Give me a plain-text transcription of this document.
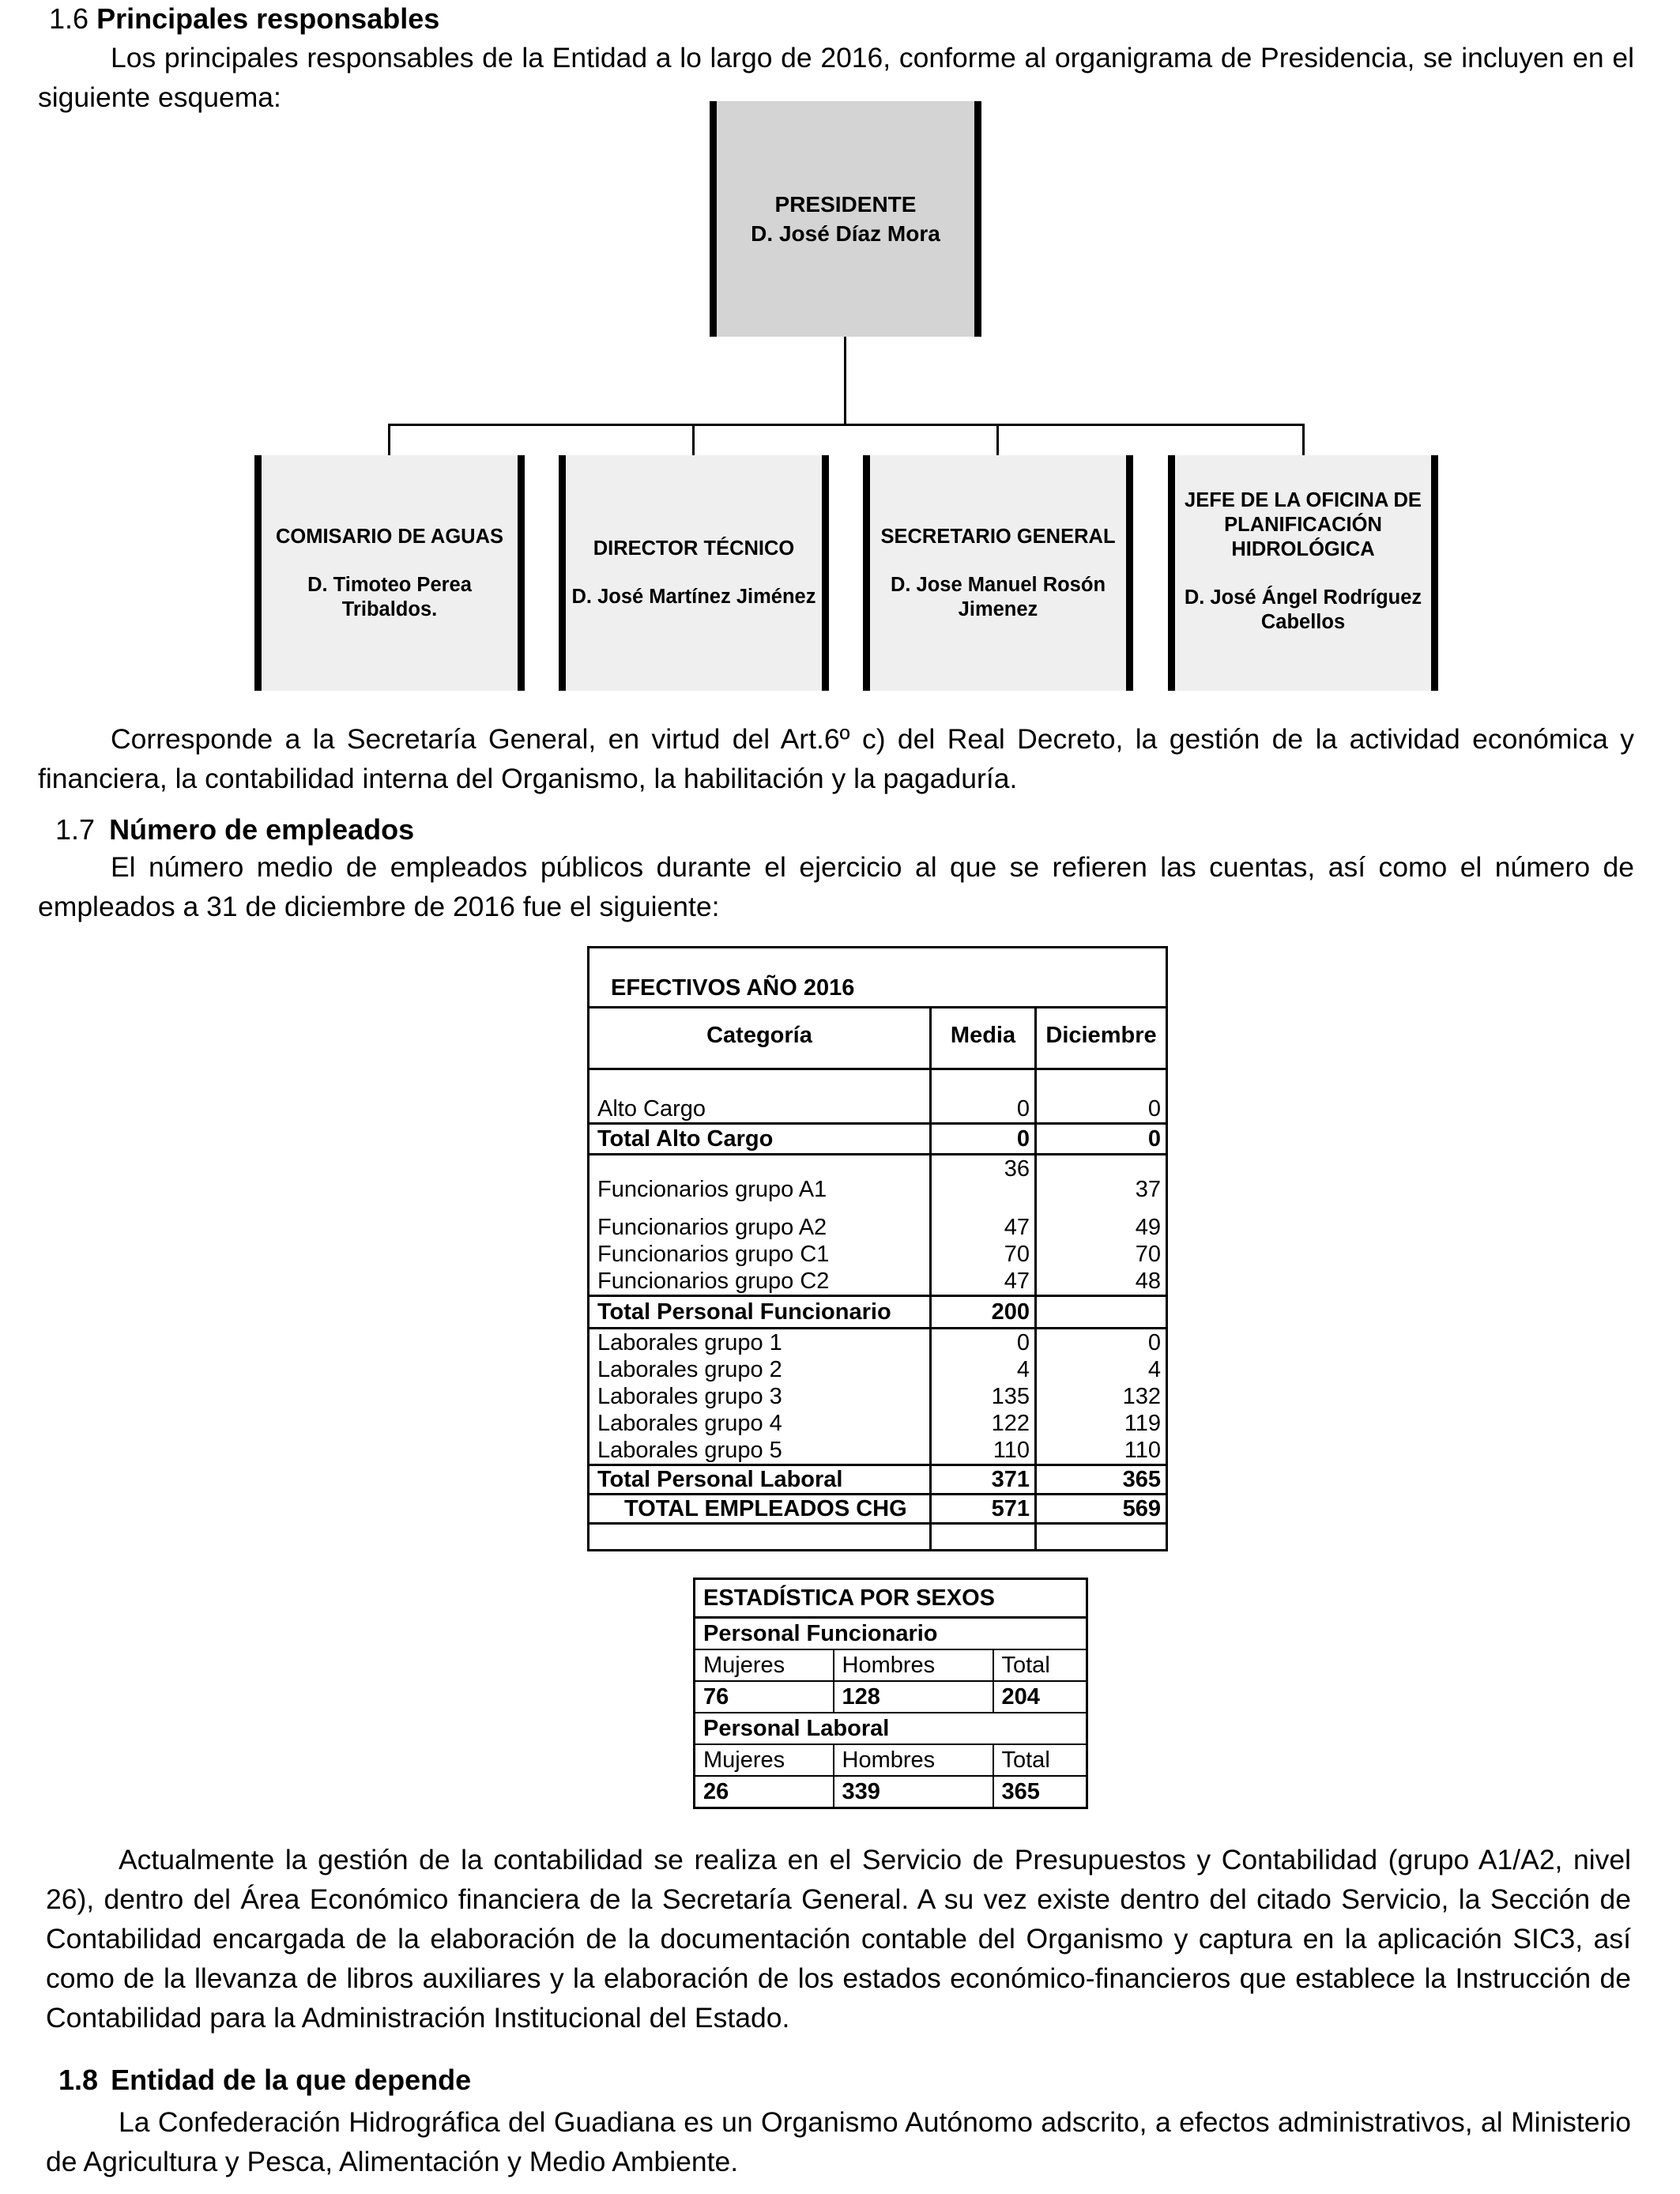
1.6 Principales responsables
Los principales responsables de la Entidad a lo largo de 2016, conforme al organigrama de Presidencia, se incluyen en el siguiente esquema:
PRESIDENTE
D. José Díaz Mora
COMISARIO DE AGUAS
D. Timoteo Perea Tribaldos.
DIRECTOR TÉCNICO
D. José Martínez Jiménez
SECRETARIO GENERAL
D. Jose Manuel Rosón Jimenez
JEFE DE LA OFICINA DE PLANIFICACIÓN HIDROLÓGICA
D. José Ángel Rodríguez Cabellos
Corresponde a la Secretaría General, en virtud del Art.6º c) del Real Decreto, la gestión de la actividad económica y financiera, la contabilidad interna del Organismo, la habilitación y la pagaduría.
1.7 Número de empleados
El número medio de empleados públicos durante el ejercicio al que se refieren las cuentas, así como el número de empleados a 31 de diciembre de 2016 fue el siguiente:
EFECTIVOS AÑO 2016
Categoría	Media	Diciembre
Alto Cargo	0	0
Total Alto Cargo	0	0
Funcionarios grupo A1	36	37
Funcionarios grupo A2	47	49
Funcionarios grupo C1	70	70
Funcionarios grupo C2	47	48
Total Personal Funcionario	200	
Laborales grupo 1	0	0
Laborales grupo 2	4	4
Laborales grupo 3	135	132
Laborales grupo 4	122	119
Laborales grupo 5	110	110
Total Personal Laboral	371	365
TOTAL EMPLEADOS CHG	571	569
ESTADÍSTICA POR SEXOS		
Personal Funcionario		
Mujeres	Hombres	Total
76	128	204
Personal Laboral		
Mujeres	Hombres	Total
26	339	365
Actualmente la gestión de la contabilidad se realiza en el Servicio de Presupuestos y Contabilidad (grupo A1/A2, nivel 26), dentro del Área Económico financiera de la Secretaría General. A su vez existe dentro del citado Servicio, la Sección de Contabilidad encargada de la elaboración de la documentación contable del Organismo y captura en la aplicación SIC3, así como de la llevanza de libros auxiliares y la elaboración de los estados económico-financieros que establece la Instrucción de Contabilidad para la Administración Institucional del Estado.
1.8 Entidad de la que depende
La Confederación Hidrográfica del Guadiana es un Organismo Autónomo adscrito, a efectos administrativos, al Ministerio de Agricultura y Pesca, Alimentación y Medio Ambiente.
